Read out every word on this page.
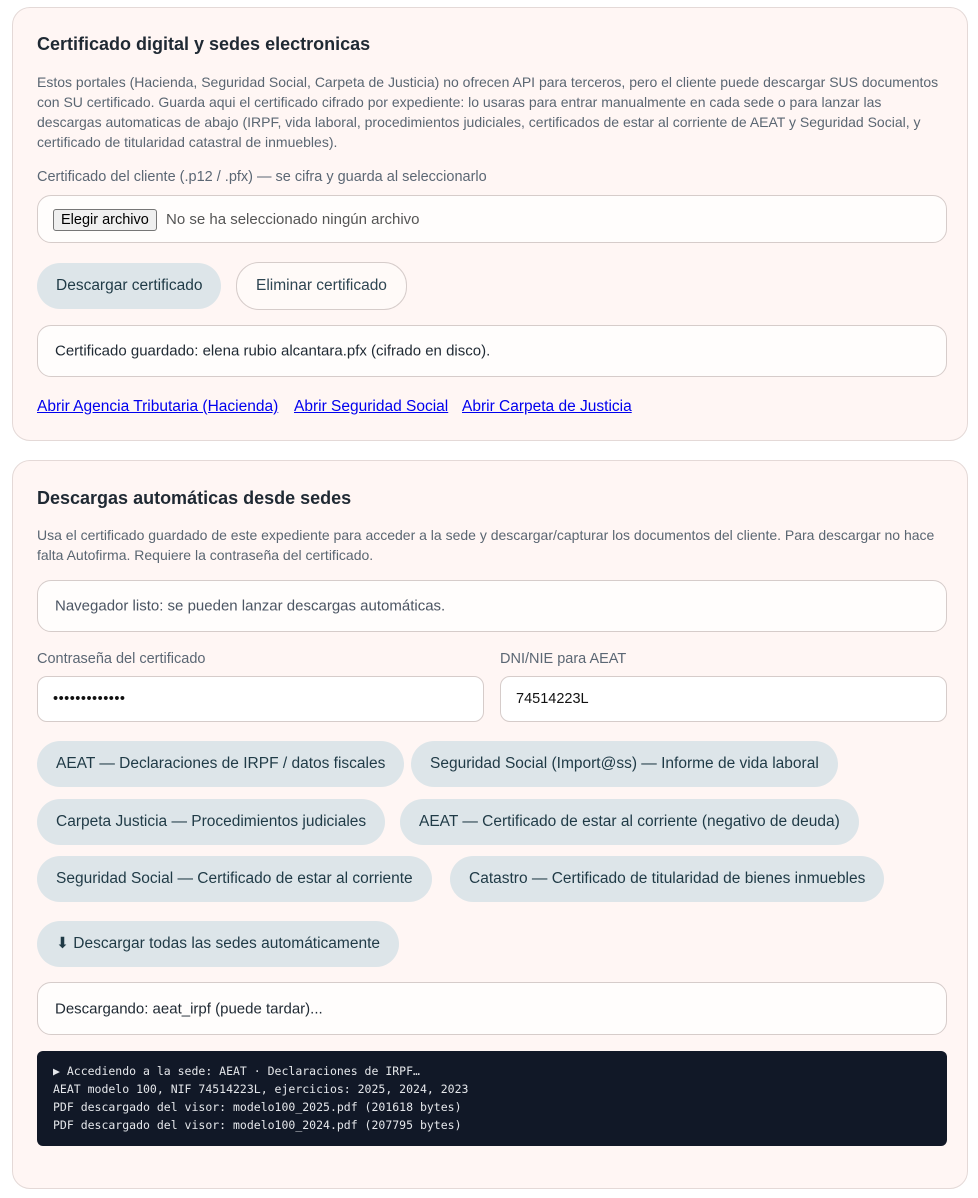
Certificado digital y sedes electronicas

Estos portales (Hacienda, Seguridad Social, Carpeta de Justicia) no ofrecen API para terceros, pero el cliente puede descargar SUS documentos con SU certificado. Guarda aqui el certificado cifrado por expediente: lo usaras para entrar manualmente en cada sede o para lanzar las descargas automaticas de abajo (IRPF, vida laboral, procedimientos judiciales, certificados de estar al corriente de AEAT y Seguridad Social, y certificado de titularidad catastral de inmuebles).

Certificado del cliente (.p12 / .pfx) — se cifra y guarda al seleccionarlo
Elegir archivo	No se ha seleccionado ningún archivo
Descargar certificado	Eliminar certificado
Certificado guardado: elena rubio alcantara.pfx (cifrado en disco).
Abrir Agencia Tributaria (Hacienda) Abrir Seguridad Social Abrir Carpeta de Justicia
Descargas automáticas desde sedes

Usa el certificado guardado de este expediente para acceder a la sede y descargar/capturar los documentos del cliente. Para descargar no hace falta Autofirma. Requiere la contraseña del certificado.

Navegador listo: se pueden lanzar descargas automáticas.
Contraseña del certificado
•••••••••••••
DNI/NIE para AEAT
74514223L
AEAT — Declaraciones de IRPF / datos fiscales	Seguridad Social (Import@ss) — Informe de vida laboral
Carpeta Justicia — Procedimientos judiciales	AEAT — Certificado de estar al corriente (negativo de deuda)
Seguridad Social — Certificado de estar al corriente	Catastro — Certificado de titularidad de bienes inmuebles
⬇ Descargar todas las sedes automáticamente
Descargando: aeat_irpf (puede tardar)...
▶ Accediendo a la sede: AEAT · Declaraciones de IRPF…
AEAT modelo 100, NIF 74514223L, ejercicios: 2025, 2024, 2023
PDF descargado del visor: modelo100_2025.pdf (201618 bytes)
PDF descargado del visor: modelo100_2024.pdf (207795 bytes)
